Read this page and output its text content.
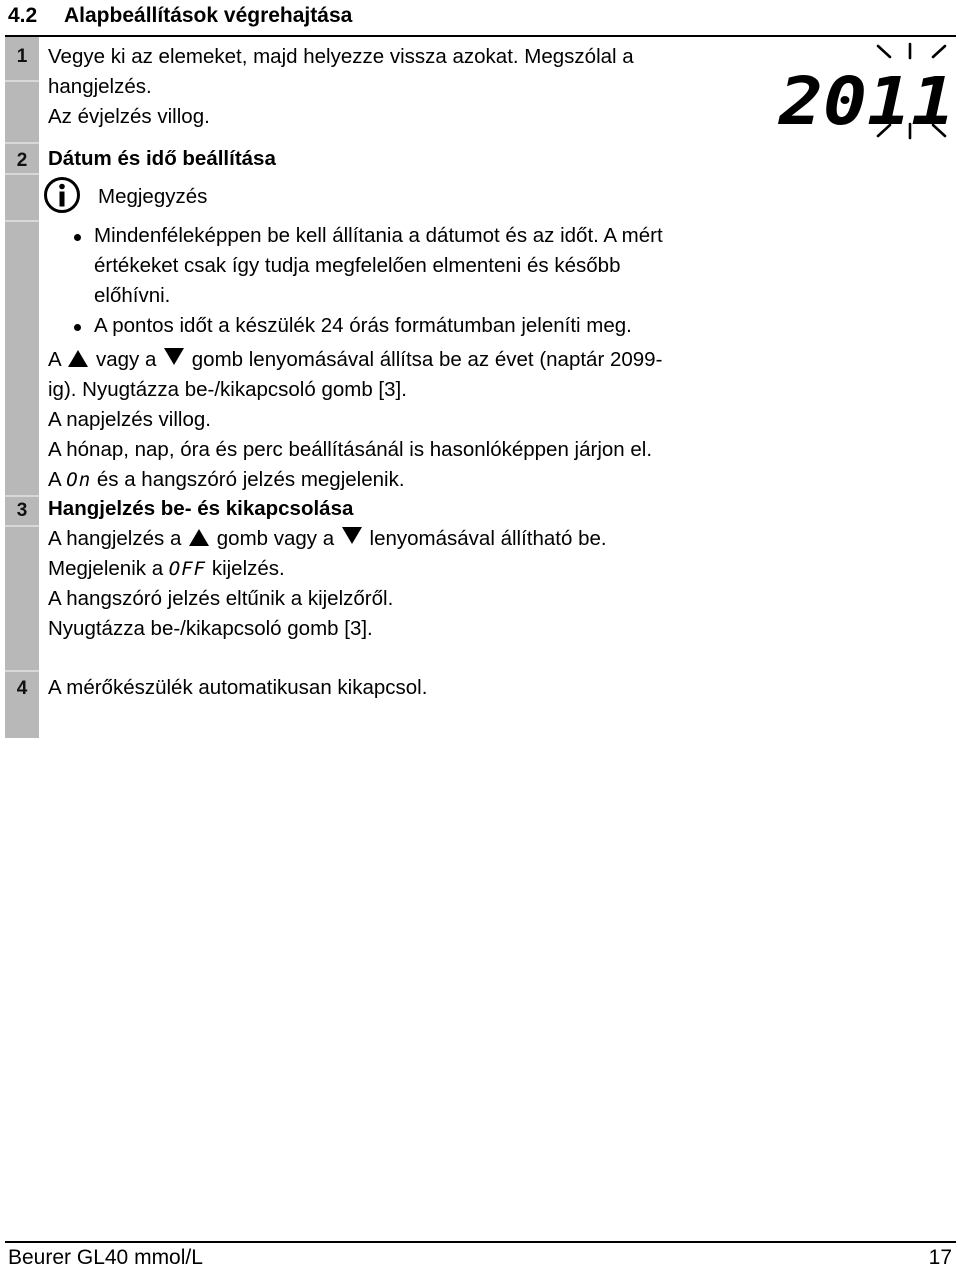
4.2 Alapbeállítások végrehajtása
1	Vegye ki az elemeket, majd helyezze vissza azokat. Megszólal a
hangjelzés.
Az évjelzés villog.	2011
2	Dátum és idő beállítása
Megjegyzés
Mindenféleképpen be kell állítania a dátumot és az időt. A mért
értékeket csak így tudja megfelelően elmenteni és később
előhívni.
A pontos időt a készülék 24 órás formátumban jeleníti meg.
A vagy a gomb lenyomásával állítsa be az évet (naptár 2099-
ig). Nyugtázza be-/kikapcsoló gomb [3].
A napjelzés villog.
A hónap, nap, óra és perc beállításánál is hasonlóképpen járjon el.
A On és a hangszóró jelzés megjelenik.
3	Hangjelzés be- és kikapcsolása
A hangjelzés a gomb vagy a lenyomásával állítható be.
Megjelenik a OFF kijelzés.
A hangszóró jelzés eltűnik a kijelzőről.
Nyugtázza be-/kikapcsoló gomb [3].
4	A mérőkészülék automatikusan kikapcsol.
Beurer GL40 mmol/L	17
